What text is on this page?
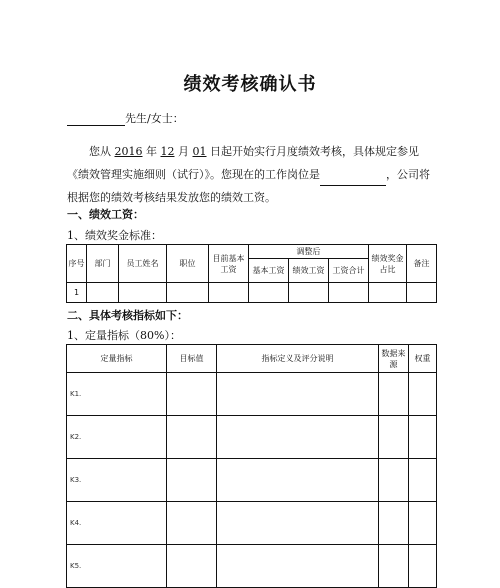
绩效考核确认书
先生/女士：
您从 2016 年 12 月 01 日起开始实行月度绩效考核，具体规定参见《绩效管理实施细则（试行）》。您现在的工作岗位是	，公司将根据您的绩效考核结果发放您的绩效工资。
一、绩效工资：
1、绩效奖金标准：
序号	部门	员工姓名	职位	目前基本工资	调整后			绩效奖金占比	备注
					基本工资	绩效工资	工资合计		
1									
二、具体考核指标如下：
1、定量指标（80%）：
定量指标	目标值	指标定义及评分说明	数据来源	权重
K1.				
K2.				
K3.				
K4.				
K5.				
